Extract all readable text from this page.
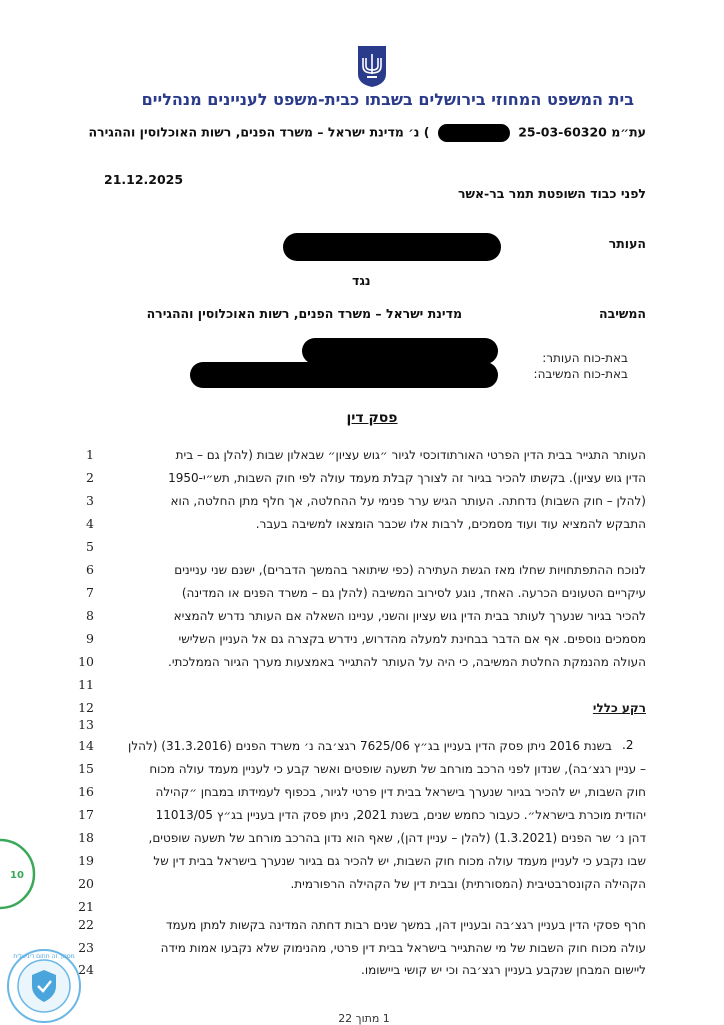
בית המשפט המחוזי בירושלים בשבתו כבית-משפט לעניינים מנהליים
עת״מ 25-03-60320  ) נ׳ מדינת ישראל – משרד הפנים, רשות האוכלוסין וההגירה
21.12.2025
לפני כבוד השופטת תמר בר-אשר
העותר
נגד
המשיבה
מדינת ישראל – משרד הפנים, רשות האוכלוסין וההגירה
באת-כוח העותר:
באת-כוח המשיבה:
פסק דין
1	העותר התגייר בבית הדין הפרטי האורתודוכסי לגיור ״גוש עציון״ שבאלון שבות (להלן גם – בית
2	הדין גוש עציון). בקשתו להכיר בגיור זה לצורך קבלת מעמד עולה לפי חוק השבות, תש״י-1950
3	(להלן – חוק השבות) נדחתה. העותר הגיש ערר פנימי על ההחלטה, אך חלף מתן החלטה, הוא
4	התבקש להמציא עוד ועוד מסמכים, לרבות אלו שכבר הומצאו למשיבה בעבר.
5
6	לנוכח ההתפתחויות שחלו מאז הגשת העתירה (כפי שיתואר בהמשך הדברים), ישנם שני עניינים
7	עיקריים הטעונים הכרעה. האחד, נוגע לסירוב המשיבה (להלן גם – משרד הפנים או המדינה)
8	להכיר בגיור שנערך לעותר בבית הדין גוש עציון והשני, עניינו השאלה אם העותר נדרש להמציא
9	מסמכים נוספים. אף אם הדבר בבחינת למעלה מהדרוש, נידרש בקצרה גם אל העניין השלישי
10	העולה מהנמקת החלטת המשיבה, כי היה על העותר להתגייר באמצעות מערך הגיור הממלכתי.
11
12	רקע כללי
13
14	.2
בשנת 2016 ניתן פסק הדין בעניין בג״ץ 7625/06 רגצ׳בה נ׳ משרד הפנים (31.3.2016) (להלן
15	– עניין רגצ׳בה), שנדון לפני הרכב מורחב של תשעה שופטים ואשר קבע כי לעניין מעמד עולה מכוח
16	חוק השבות, יש להכיר בגיור שנערך בישראל בבית דין פרטי לגיור, בכפוף לעמידתו במבחן ״קהילה
17	יהודית מוכרת בישראל״. כעבור כחמש שנים, בשנת 2021, ניתן פסק הדין בעניין בג״ץ 11013/05
18	דהן נ׳ שר הפנים (1.3.2021) (להלן – עניין דהן), שאף הוא נדון בהרכב מורחב של תשעה שופטים,
19	שבו נקבע כי לעניין מעמד עולה מכוח חוק השבות, יש להכיר גם בגיור שנערך בישראל בבית דין של
20	הקהילה הקונסרבטיבית (המסורתית) ובבית דין של הקהילה הרפורמית.
21
22	חרף פסקי הדין בעניין רגצ׳בה ובעניין דהן, במשך שנים רבות דחתה המדינה בקשות למתן מעמד
23	עולה מכוח חוק השבות של מי שהתגייר בישראל בבית דין פרטי, מהנימוק שלא נקבעו אמות מידה
24	ליישום המבחן שנקבע בעניין רגצ׳בה וכי יש קושי ביישומו.
1 מתוך 22
10
מסמך זה חתום דיגיטלית
